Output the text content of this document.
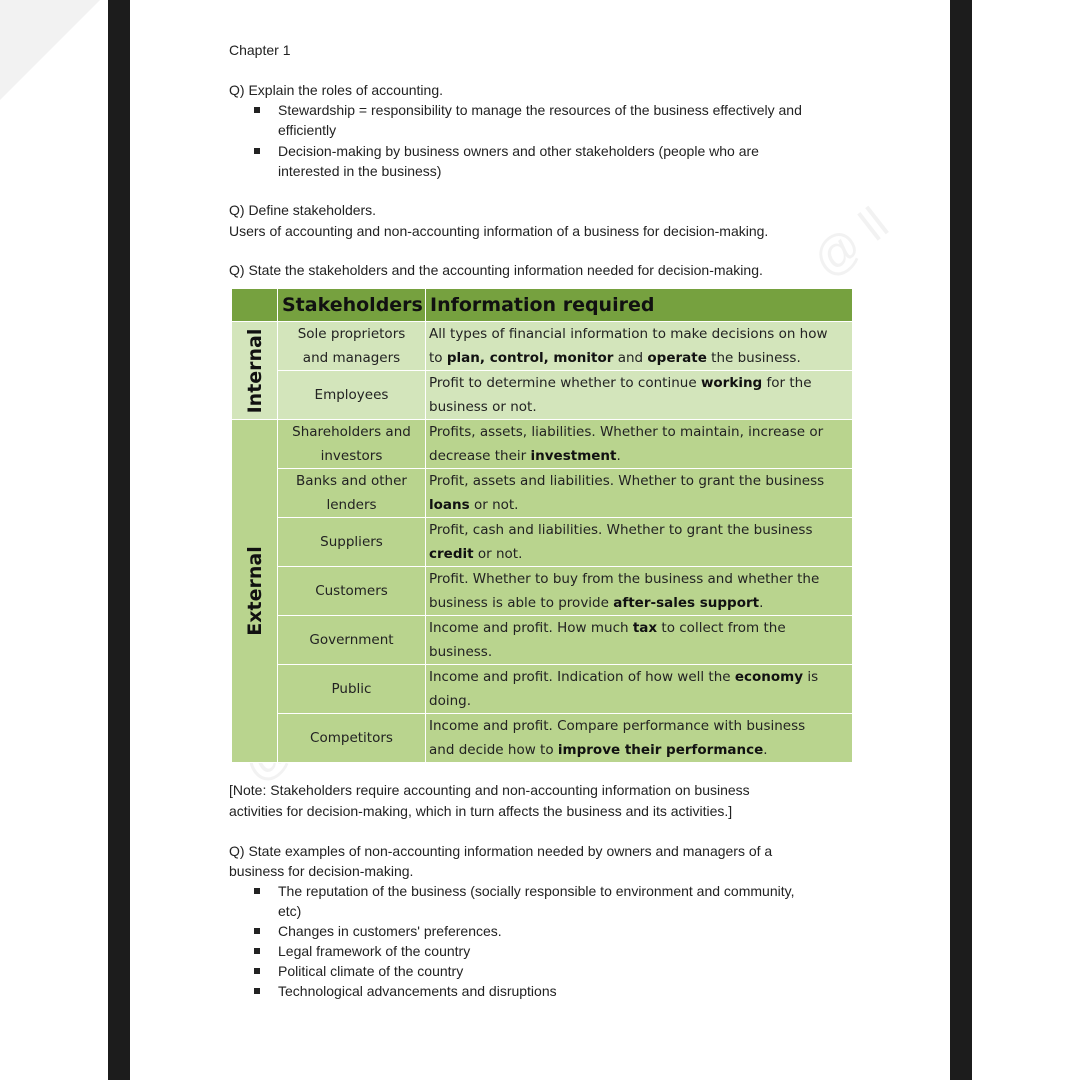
@ ll
Chapter 1
Q) Explain the roles of accounting.
Stewardship = responsibility to manage the resources of the business effectively and
efficiently
Decision-making by business owners and other stakeholders (people who are
interested in the business)
Q) Define stakeholders.
Users of accounting and non-accounting information of a business for decision-making.
Q) State the stakeholders and the accounting information needed for decision-making.
[Note: Stakeholders require accounting and non-accounting information on business
activities for decision-making, which in turn affects the business and its activities.]
Q) State examples of non-accounting information needed by owners and managers of a
business for decision-making.
The reputation of the business (socially responsible to environment and community,
etc)
Changes in customers' preferences.
Legal framework of the country
Political climate of the country
Technological advancements and disruptions
	Stakeholders	Information required

Internal	Sole proprietors
and managers	All types of financial information to make decisions on how
to plan, control, monitor and operate the business.
	Employees	Profit to determine whether to continue working for the
business or not.

External	Shareholders and
investors	Profits, assets, liabilities. Whether to maintain, increase or
decrease their investment.
	Banks and other
lenders	Profit, assets and liabilities. Whether to grant the business
loans or not.
	Suppliers	Profit, cash and liabilities. Whether to grant the business
credit or not.
	Customers	Profit. Whether to buy from the business and whether the
business is able to provide after-sales support.
	Government	Income and profit. How much tax to collect from the
business.
	Public	Income and profit. Indication of how well the economy is
doing.
	Competitors	Income and profit. Compare performance with business
and decide how to improve their performance.
